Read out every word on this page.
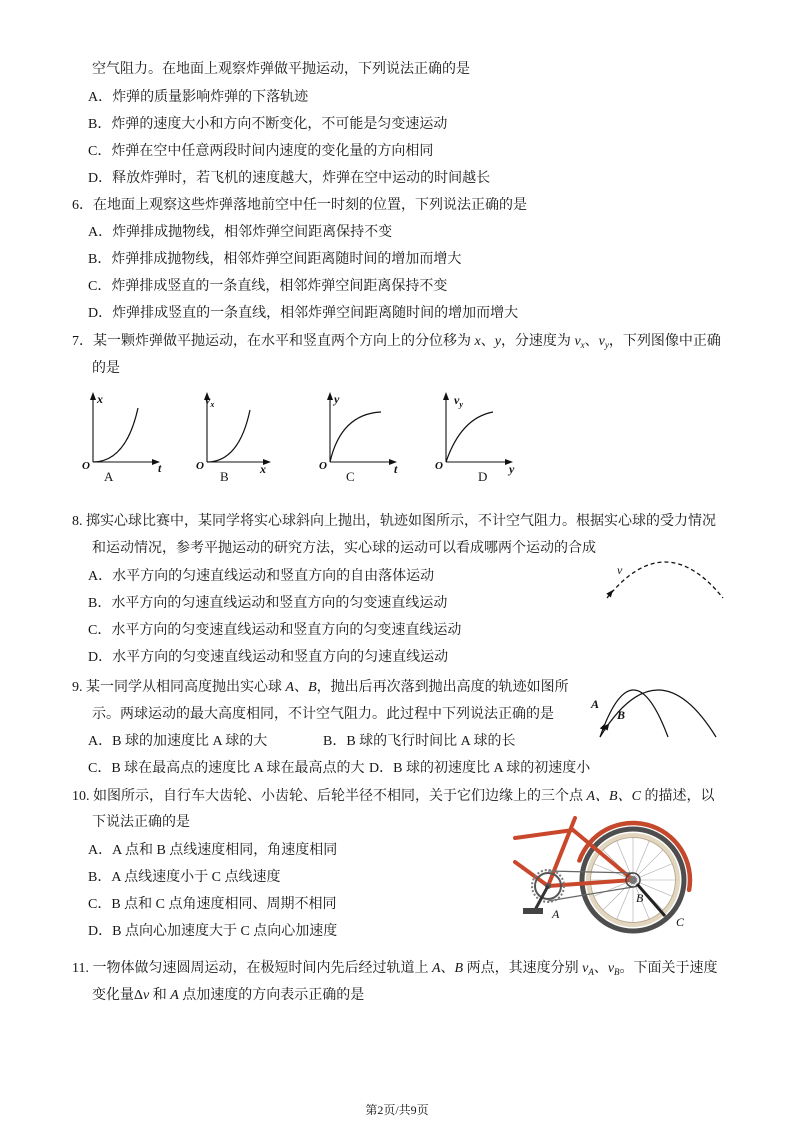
空气阻力。在地面上观察炸弹做平抛运动，下列说法正确的是
A．炸弹的质量影响炸弹的下落轨迹
B．炸弹的速度大小和方向不断变化，不可能是匀变速运动
C．炸弹在空中任意两段时间内速度的变化量的方向相同
D．释放炸弹时，若飞机的速度越大，炸弹在空中运动的时间越长
6．在地面上观察这些炸弹落地前空中任一时刻的位置，下列说法正确的是
A．炸弹排成抛物线，相邻炸弹空间距离保持不变
B．炸弹排成抛物线，相邻炸弹空间距离随时间的增加而增大
C．炸弹排成竖直的一条直线，相邻炸弹空间距离保持不变
D．炸弹排成竖直的一条直线，相邻炸弹空间距离随时间的增加而增大
7．某一颗炸弹做平抛运动，在水平和竖直两个方向上的分位移为 x、y，分速度为 $v_x$、$v_y$，下列图像中正确
的是
x
O	t
A
$v_x$
O	x
B
y
O	t
C
$v_y$
O	y
D
8. 掷实心球比赛中，某同学将实心球斜向上抛出，轨迹如图所示，不计空气阻力。根据实心球的受力情况
和运动情况，参考平抛运动的研究方法，实心球的运动可以看成哪两个运动的合成
A．水平方向的匀速直线运动和竖直方向的自由落体运动
B．水平方向的匀速直线运动和竖直方向的匀变速直线运动
C．水平方向的匀变速直线运动和竖直方向的匀变速直线运动
D．水平方向的匀变速直线运动和竖直方向的匀速直线运动
v
9. 某一同学从相同高度抛出实心球 A、B，抛出后再次落到抛出高度的轨迹如图所
示。两球运动的最大高度相同，不计空气阻力。此过程中下列说法正确的是
A．B 球的加速度比 A 球的大	B．B 球的飞行时间比 A 球的长
C．B 球在最高点的速度比 A 球在最高点的大 D．B 球的初速度比 A 球的初速度小
A
B
10. 如图所示，自行车大齿轮、小齿轮、后轮半径不相同，关于它们边缘上的三个点 A、B、C 的描述，以
下说法正确的是
A．A 点和 B 点线速度相同，角速度相同
B．A 点线速度小于 C 点线速度
C．B 点和 C 点角速度相同、周期不相同
D．B 点向心加速度大于 C 点向心加速度
A
B
C
11. 一物体做匀速圆周运动，在极短时间内先后经过轨道上 A、B 两点，其速度分别 $v_A$、$v_B$。下面关于速度
变化量Δv 和 A 点加速度的方向表示正确的是
第2页/共9页
